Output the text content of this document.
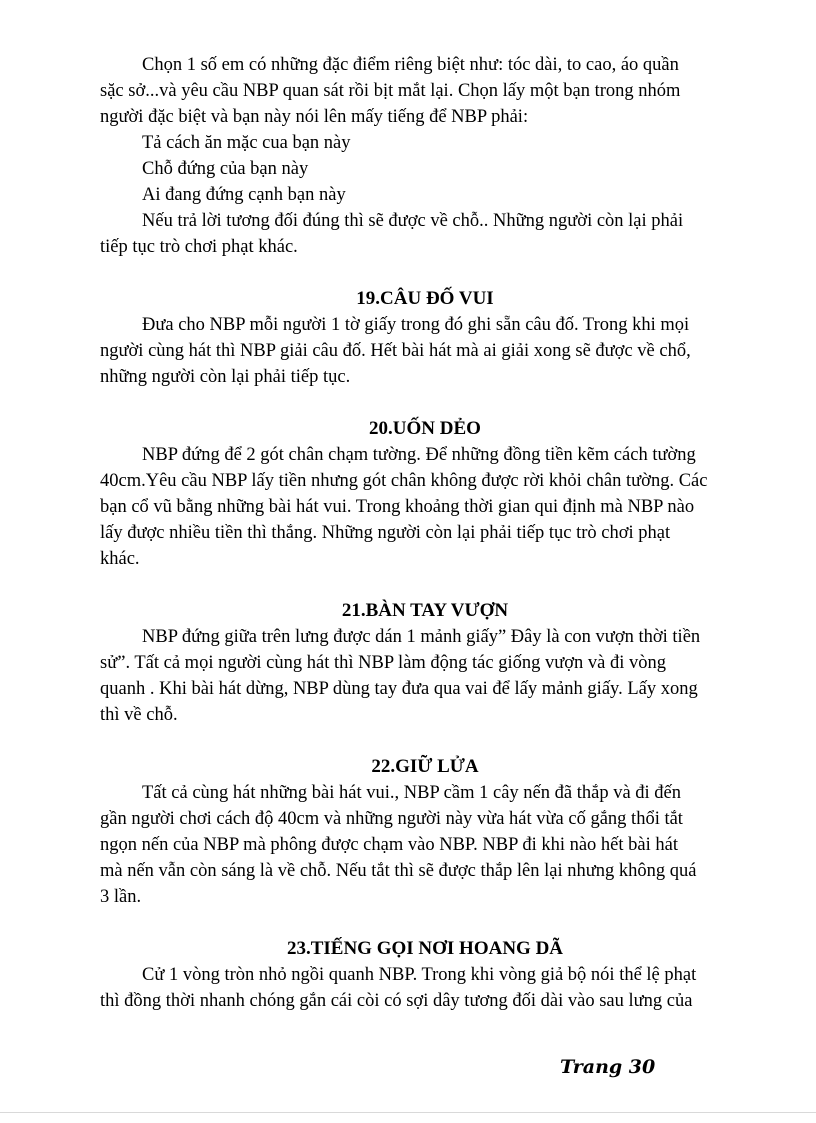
Chọn 1 số em có những đặc điểm riêng biệt như: tóc dài, to cao, áo quần
sặc sở...và yêu cầu NBP quan sát rồi bịt mắt lại. Chọn lấy một bạn trong nhóm
người đặc biệt và bạn này nói lên mấy tiếng để NBP phải:
Tả cách ăn mặc cua bạn này
Chỗ đứng của bạn này
Ai đang đứng cạnh bạn này
Nếu trả lời tương đối đúng thì sẽ được về chỗ.. Những người còn lại phải
tiếp tục trò chơi phạt khác.
19.CÂU ĐỐ VUI
Đưa cho NBP mỗi người 1 tờ giấy trong đó ghi sẵn câu đố. Trong khi mọi
người cùng hát thì NBP giải câu đố. Hết bài hát mà ai giải xong sẽ được về chổ,
những người còn lại phải tiếp tục.
20.UỐN DẺO
NBP đứng để 2 gót chân chạm tường. Để những đồng tiền kẽm cách tường
40cm.Yêu cầu NBP lấy tiền nhưng gót chân không được rời khỏi chân tường. Các
bạn cổ vũ bằng những bài hát vui. Trong khoảng thời gian qui định mà NBP nào
lấy được nhiều tiền thì thắng. Những người còn lại phải tiếp tục trò chơi phạt
khác.
21.BÀN TAY VƯỢN
NBP đứng giữa trên lưng được dán 1 mảnh giấy” Đây là con vượn thời tiền
sử”. Tất cả mọi người cùng hát thì NBP làm động tác giống vượn và đi vòng
quanh . Khi bài hát dừng, NBP dùng tay đưa qua vai để lấy mảnh giấy. Lấy xong
thì về chỗ.
22.GIỮ LỬA
Tất cả cùng hát những bài hát vui., NBP cầm 1 cây nến đã thắp và đi đến
gần người chơi cách độ 40cm và những người này vừa hát vừa cố gắng thổi tắt
ngọn nến của NBP mà phông được chạm vào NBP. NBP đi khi nào hết bài hát
mà nến vẫn còn sáng là về chỗ. Nếu tắt thì sẽ được thắp lên lại nhưng không quá
3 lần.
23.TIẾNG GỌI NƠI HOANG DÃ
Cử 1 vòng tròn nhỏ ngồi quanh NBP. Trong khi vòng giả bộ nói thể lệ phạt
thì đồng thời nhanh chóng gắn cái còi có sợi dây tương đối dài vào sau lưng của
Trang 30
